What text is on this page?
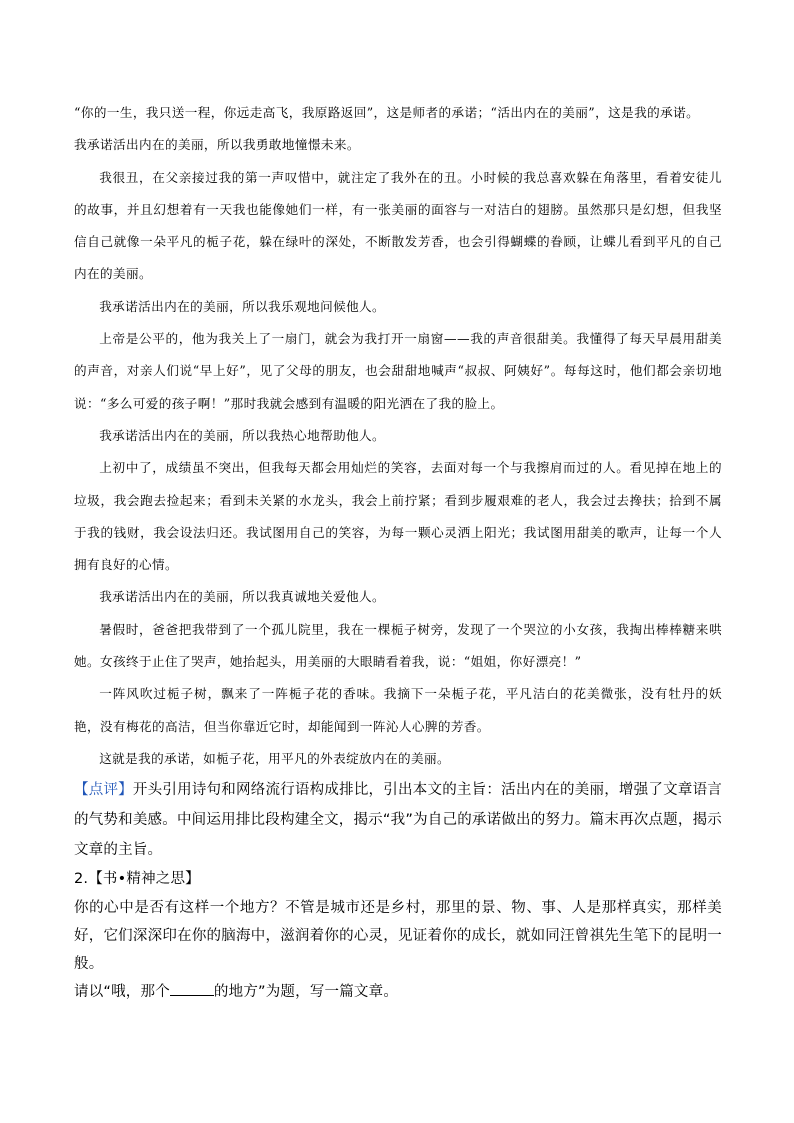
“你的一生，我只送一程，你远走高飞，我原路返回”，这是师者的承诺；“活出内在的美丽”，这是我的承诺。

我承诺活出内在的美丽，所以我勇敢地憧憬未来。

我很丑，在父亲接过我的第一声叹惜中，就注定了我外在的丑。小时候的我总喜欢躲在角落里，看着安徒儿的故事，并且幻想着有一天我也能像她们一样，有一张美丽的面容与一对洁白的翅膀。虽然那只是幻想，但我坚信自己就像一朵平凡的栀子花，躲在绿叶的深处，不断散发芳香，也会引得蝴蝶的眷顾，让蝶儿看到平凡的自己内在的美丽。

我承诺活出内在的美丽，所以我乐观地问候他人。

上帝是公平的，他为我关上了一扇门，就会为我打开一扇窗——我的声音很甜美。我懂得了每天早晨用甜美的声音，对亲人们说“早上好”，见了父母的朋友，也会甜甜地喊声“叔叔、阿姨好”。每每这时，他们都会亲切地说：“多么可爱的孩子啊！”那时我就会感到有温暖的阳光洒在了我的脸上。

我承诺活出内在的美丽，所以我热心地帮助他人。

上初中了，成绩虽不突出，但我每天都会用灿烂的笑容，去面对每一个与我擦肩而过的人。看见掉在地上的垃圾，我会跑去捡起来；看到未关紧的水龙头，我会上前拧紧；看到步履艰难的老人，我会过去搀扶；拾到不属于我的钱财，我会设法归还。我试图用自己的笑容，为每一颗心灵洒上阳光；我试图用甜美的歌声，让每一个人拥有良好的心情。

我承诺活出内在的美丽，所以我真诚地关爱他人。

暑假时，爸爸把我带到了一个孤儿院里，我在一棵栀子树旁，发现了一个哭泣的小女孩，我掏出棒棒糖来哄她。女孩终于止住了哭声，她抬起头，用美丽的大眼睛看着我，说：“姐姐，你好漂亮！”

一阵风吹过栀子树，飘来了一阵栀子花的香味。我摘下一朵栀子花，平凡洁白的花美微张，没有牡丹的妖艳，没有梅花的高洁，但当你靠近它时，却能闻到一阵沁人心脾的芳香。

这就是我的承诺，如栀子花，用平凡的外表绽放内在的美丽。

【点评】开头引用诗句和网络流行语构成排比，引出本文的主旨：活出内在的美丽，增强了文章语言的气势和美感。中间运用排比段构建全文，揭示“我”为自己的承诺做出的努力。篇末再次点题，揭示文章的主旨。

2.【书•精神之思】

你的心中是否有这样一个地方？不管是城市还是乡村，那里的景、物、事、人是那样真实，那样美好，它们深深印在你的脑海中，滋润着你的心灵，见证着你的成长，就如同汪曾祺先生笔下的昆明一般。

请以“哦，那个	的地方”为题，写一篇文章。
